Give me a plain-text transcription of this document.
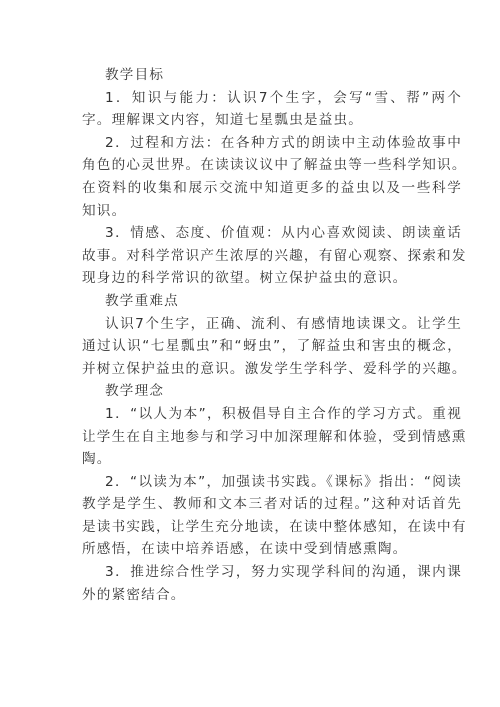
教学目标
1．知识与能力：认识7个生字，会写“雪、帮”两个
字。理解课文内容，知道七星瓢虫是益虫。
2．过程和方法：在各种方式的朗读中主动体验故事中
角色的心灵世界。在读读议议中了解益虫等一些科学知识。
在资料的收集和展示交流中知道更多的益虫以及一些科学
知识。
3．情感、态度、价值观：从内心喜欢阅读、朗读童话
故事。对科学常识产生浓厚的兴趣，有留心观察、探索和发
现身边的科学常识的欲望。树立保护益虫的意识。
教学重难点
认识7个生字，正确、流利、有感情地读课文。让学生
通过认识“七星瓢虫”和“蚜虫”，了解益虫和害虫的概念，
并树立保护益虫的意识。激发学生学科学、爱科学的兴趣。
教学理念
1．“以人为本”，积极倡导自主合作的学习方式。重视
让学生在自主地参与和学习中加深理解和体验，受到情感熏
陶。
2．“以读为本”，加强读书实践。《课标》指出：“阅读
教学是学生、教师和文本三者对话的过程。”这种对话首先
是读书实践，让学生充分地读，在读中整体感知，在读中有
所感悟，在读中培养语感，在读中受到情感熏陶。
3．推进综合性学习，努力实现学科间的沟通，课内课
外的紧密结合。
